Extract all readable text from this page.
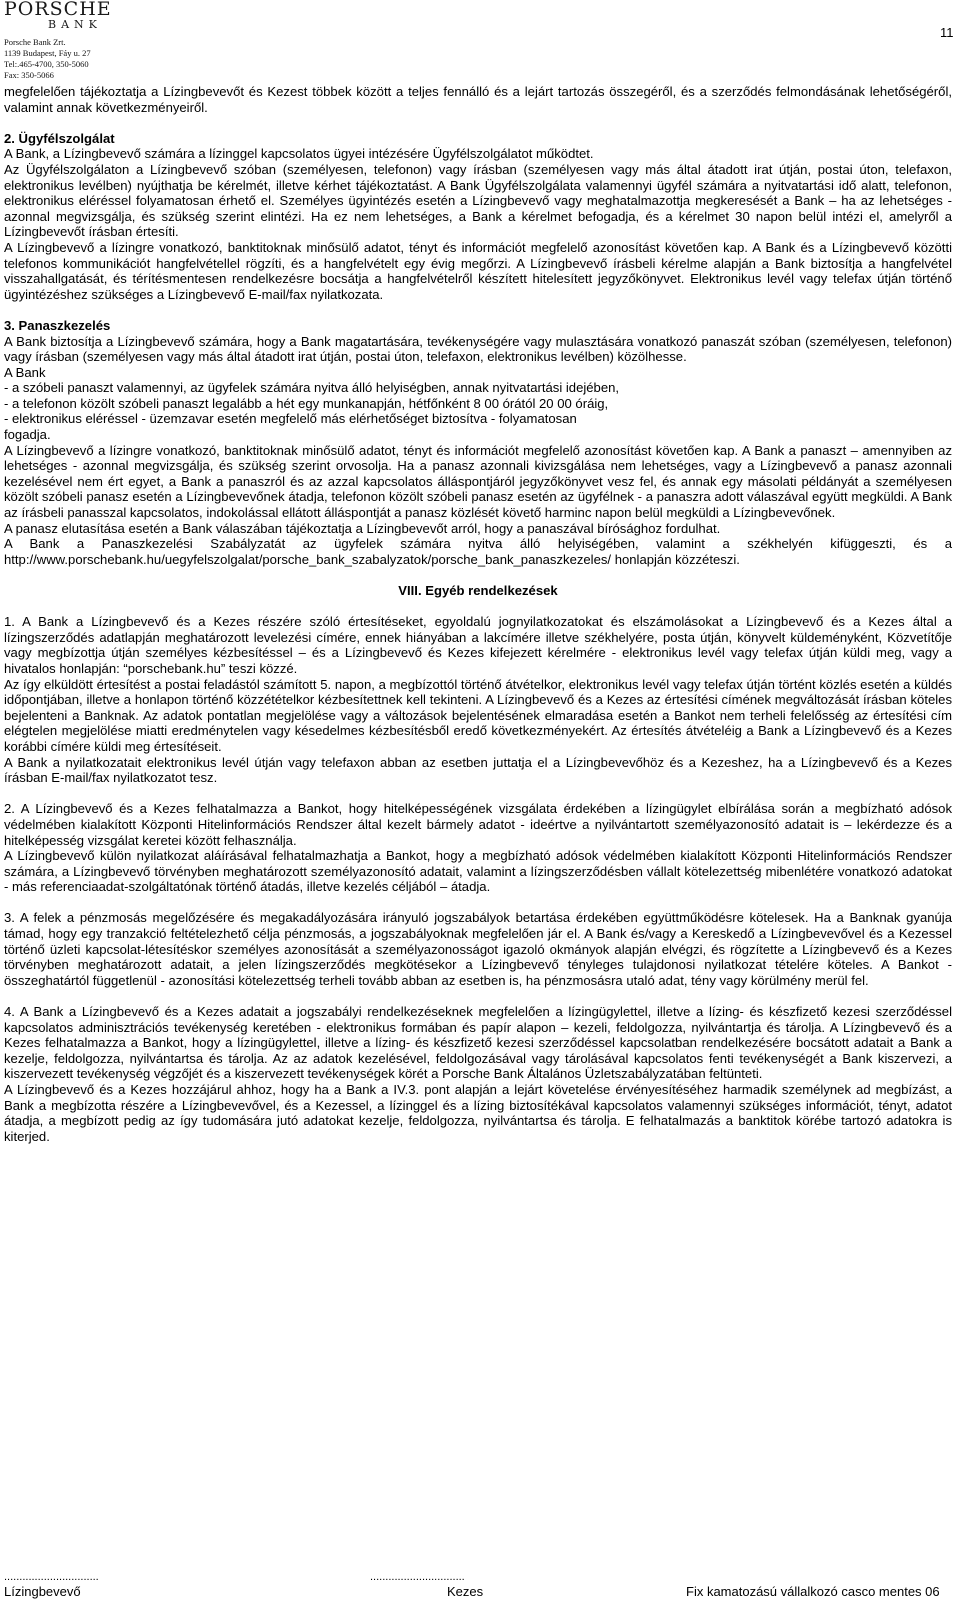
PORSCHE
BANK
Porsche Bank Zrt.
1139 Budapest, Fáy u. 27
Tel:.465-4700, 350-5060
Fax: 350-5066
11

megfelelően tájékoztatja a Lízingbevevőt és Kezest többek között a teljes fennálló és a lejárt tartozás összegéről, és a szerződés felmondásának lehetőségéről, valamint annak következményeiről.

2. Ügyfélszolgálat

A Bank, a Lízingbevevő számára a lízinggel kapcsolatos ügyei intézésére Ügyfélszolgálatot működtet.

Az Ügyfélszolgálaton a Lízingbevevő szóban (személyesen, telefonon) vagy írásban (személyesen vagy más által átadott irat útján, postai úton, telefaxon, elektronikus levélben) nyújthatja be kérelmét, illetve kérhet tájékoztatást. A Bank Ügyfélszolgálata valamennyi ügyfél számára a nyitvatartási idő alatt, telefonon, elektronikus eléréssel folyamatosan érhető el. Személyes ügyintézés esetén a Lízingbevevő vagy meghatalmazottja megkeresését a Bank – ha az lehetséges - azonnal megvizsgálja, és szükség szerint elintézi. Ha ez nem lehetséges, a Bank a kérelmet befogadja, és a kérelmet 30 napon belül intézi el, amelyről a Lízingbevevőt írásban értesíti.

A Lízingbevevő a lízingre vonatkozó, banktitoknak minősülő adatot, tényt és információt megfelelő azonosítást követően kap. A Bank és a Lízingbevevő közötti telefonos kommunikációt hangfelvétellel rögzíti, és a hangfelvételt egy évig megőrzi. A Lízingbevevő írásbeli kérelme alapján a Bank biztosítja a hangfelvétel visszahallgatását, és térítésmentesen rendelkezésre bocsátja a hangfelvételről készített hitelesített jegyzőkönyvet. Elektronikus levél vagy telefax útján történő ügyintézéshez szükséges a Lízingbevevő E-mail/fax nyilatkozata.

3. Panaszkezelés

A Bank biztosítja a Lízingbevevő számára, hogy a Bank magatartására, tevékenységére vagy mulasztására vonatkozó panaszát szóban (személyesen, telefonon) vagy írásban (személyesen vagy más által átadott irat útján, postai úton, telefaxon, elektronikus levélben) közölhesse.

A Bank

- a szóbeli panaszt valamennyi, az ügyfelek számára nyitva álló helyiségben, annak nyitvatartási idejében,

- a telefonon közölt szóbeli panaszt legalább a hét egy munkanapján, hétfőnként 8 00 órától 20 00 óráig,

- elektronikus eléréssel - üzemzavar esetén megfelelő más elérhetőséget biztosítva - folyamatosan

fogadja.

A Lízingbevevő a lízingre vonatkozó, banktitoknak minősülő adatot, tényt és információt megfelelő azonosítást követően kap. A Bank a panaszt – amennyiben az lehetséges - azonnal megvizsgálja, és szükség szerint orvosolja. Ha a panasz azonnali kivizsgálása nem lehetséges, vagy a Lízingbevevő a panasz azonnali kezelésével nem ért egyet, a Bank a panaszról és az azzal kapcsolatos álláspontjáról jegyzőkönyvet vesz fel, és annak egy másolati példányát a személyesen közölt szóbeli panasz esetén a Lízingbevevőnek átadja, telefonon közölt szóbeli panasz esetén az ügyfélnek - a panaszra adott válaszával együtt megküldi. A Bank az írásbeli panasszal kapcsolatos, indokolással ellátott álláspontját a panasz közlését követő harminc napon belül megküldi a Lízingbevevőnek.

A panasz elutasítása esetén a Bank válaszában tájékoztatja a Lízingbevevőt arról, hogy a panaszával bírósághoz fordulhat.

A Bank a Panaszkezelési Szabályzatát az ügyfelek számára nyitva álló helyiségében, valamint a székhelyén kifüggeszti, és a http://www.porschebank.hu/uegyfelszolgalat/porsche_bank_szabalyzatok/porsche_bank_panaszkezeles/ honlapján közzéteszi.

VIII. Egyéb rendelkezések

1. A Bank a Lízingbevevő és a Kezes részére szóló értesítéseket, egyoldalú jognyilatkozatokat és elszámolásokat a Lízingbevevő és a Kezes által a lízingszerződés adatlapján meghatározott levelezési címére, ennek hiányában a lakcímére illetve székhelyére, posta útján, könyvelt küldeményként, Közvetítője vagy megbízottja útján személyes kézbesítéssel – és a Lízingbevevő és Kezes kifejezett kérelmére - elektronikus levél vagy telefax útján küldi meg, vagy a hivatalos honlapján: “porschebank.hu” teszi közzé.

Az így elküldött értesítést a postai feladástól számított 5. napon, a megbízottól történő átvételkor, elektronikus levél vagy telefax útján történt közlés esetén a küldés időpontjában, illetve a honlapon történő közzétételkor kézbesítettnek kell tekinteni. A Lízingbevevő és a Kezes az értesítési címének megváltozását írásban köteles bejelenteni a Banknak. Az adatok pontatlan megjelölése vagy a változások bejelentésének elmaradása esetén a Bankot nem terheli felelősség az értesítési cím elégtelen megjelölése miatti eredménytelen vagy késedelmes kézbesítésből eredő következményekért. Az értesítés átvételéig a Bank a Lízingbevevő és a Kezes korábbi címére küldi meg értesítéseit.

A Bank a nyilatkozatait elektronikus levél útján vagy telefaxon abban az esetben juttatja el a Lízingbevevőhöz és a Kezeshez, ha a Lízingbevevő és a Kezes írásban E-mail/fax nyilatkozatot tesz.

2. A Lízingbevevő és a Kezes felhatalmazza a Bankot, hogy hitelképességének vizsgálata érdekében a lízingügylet elbírálása során a megbízható adósok védelmében kialakított Központi Hitelinformációs Rendszer által kezelt bármely adatot - ideértve a nyilvántartott személyazonosító adatait is – lekérdezze és a hitelképesség vizsgálat keretei között felhasználja.

A Lízingbevevő külön nyilatkozat aláírásával felhatalmazhatja a Bankot, hogy a megbízható adósok védelmében kialakított Központi Hitelinformációs Rendszer számára, a Lízingbevevő törvényben meghatározott személyazonosító adatait, valamint a lízingszerződésben vállalt kötelezettség mibenlétére vonatkozó adatokat - más referenciaadat-szolgáltatónak történő átadás, illetve kezelés céljából – átadja.

3. A felek a pénzmosás megelőzésére és megakadályozására irányuló jogszabályok betartása érdekében együttműködésre kötelesek. Ha a Banknak gyanúja támad, hogy egy tranzakció feltételezhető célja pénzmosás, a jogszabályoknak megfelelően jár el. A Bank és/vagy a Kereskedő a Lízingbevevővel és a Kezessel történő üzleti kapcsolat-létesítéskor személyes azonosítását a személyazonosságot igazoló okmányok alapján elvégzi, és rögzítette a Lízingbevevő és a Kezes törvényben meghatározott adatait, a jelen lízingszerződés megkötésekor a Lízingbevevő tényleges tulajdonosi nyilatkozat tételére köteles. A Bankot - összeghatártól függetlenül - azonosítási kötelezettség terheli tovább abban az esetben is, ha pénzmosásra utaló adat, tény vagy körülmény merül fel.

4. A Bank a Lízingbevevő és a Kezes adatait a jogszabályi rendelkezéseknek megfelelően a lízingügylettel, illetve a lízing- és készfizető kezesi szerződéssel kapcsolatos adminisztrációs tevékenység keretében - elektronikus formában és papír alapon – kezeli, feldolgozza, nyilvántartja és tárolja. A Lízingbevevő és a Kezes felhatalmazza a Bankot, hogy a lízingügylettel, illetve a lízing- és készfizető kezesi szerződéssel kapcsolatban rendelkezésére bocsátott adatait a Bank a kezelje, feldolgozza, nyilvántartsa és tárolja. Az az adatok kezelésével, feldolgozásával vagy tárolásával kapcsolatos fenti tevékenységét a Bank kiszervezi, a kiszervezett tevékenység végzőjét és a kiszervezett tevékenységek körét a Porsche Bank Általános Üzletszabályzatában feltünteti.

A Lízingbevevő és a Kezes hozzájárul ahhoz, hogy ha a Bank a IV.3. pont alapján a lejárt követelése érvényesítéséhez harmadik személynek ad megbízást, a Bank a megbízotta részére a Lízingbevevővel, és a Kezessel, a lízinggel és a lízing biztosítékával kapcsolatos valamennyi szükséges információt, tényt, adatot átadja, a megbízott pedig az így tudomására jutó adatokat kezelje, feldolgozza, nyilvántartsa és tárolja. E felhatalmazás a banktitok körébe tartozó adatokra is kiterjed.

...............................
Lízingbevevő
...............................
Kezes	Fix kamatozású vállalkozó casco mentes 06
